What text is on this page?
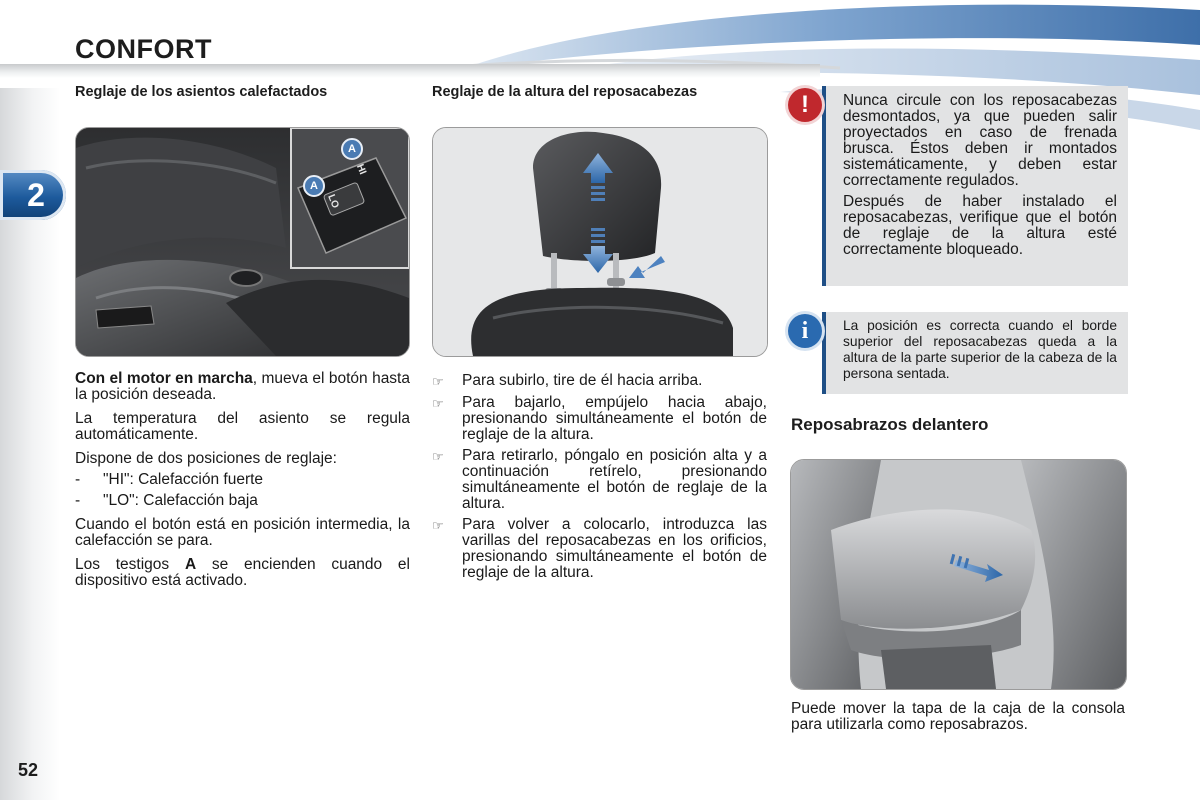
CONFORT
2
52
Reglaje de los asientos calefactados
A
A
HI
LO

Con el motor en marcha, mueva el botón hasta la posición deseada.

La temperatura del asiento se regula automáticamente.

Dispone de dos posiciones de reglaje:

-	"HI": Calefacción fuerte
-	"LO": Calefacción baja

Cuando el botón está en posición intermedia, la calefacción se para.

Los testigos A se encienden cuando el dispositivo está activado.

Reglaje de la altura del reposacabezas
☞	Para subirlo, tire de él hacia arriba.
☞	Para bajarlo, empújelo hacia abajo, presionando simultáneamente el botón de reglaje de la altura.
☞	Para retirarlo, póngalo en posición alta y a continuación retírelo, presionando simultáneamente el botón de reglaje de la altura.
☞	Para volver a colocarlo, introduzca las varillas del reposacabezas en los orificios, presionando simultáneamente el botón de reglaje de la altura.
!	Nunca circule con los reposacabezas desmontados, ya que pueden salir proyectados en caso de frenada brusca. Éstos deben ir montados sistemáticamente, y deben estar correctamente regulados.

Después de haber instalado el reposacabezas, verifique que el botón de reglaje de la altura esté correctamente bloqueado.

i	La posición es correcta cuando el borde superior del reposacabezas queda a la altura de la parte superior de la cabeza de la persona sentada.
Reposabrazos delantero
Puede mover la tapa de la caja de la consola para utilizarla como reposabrazos.
